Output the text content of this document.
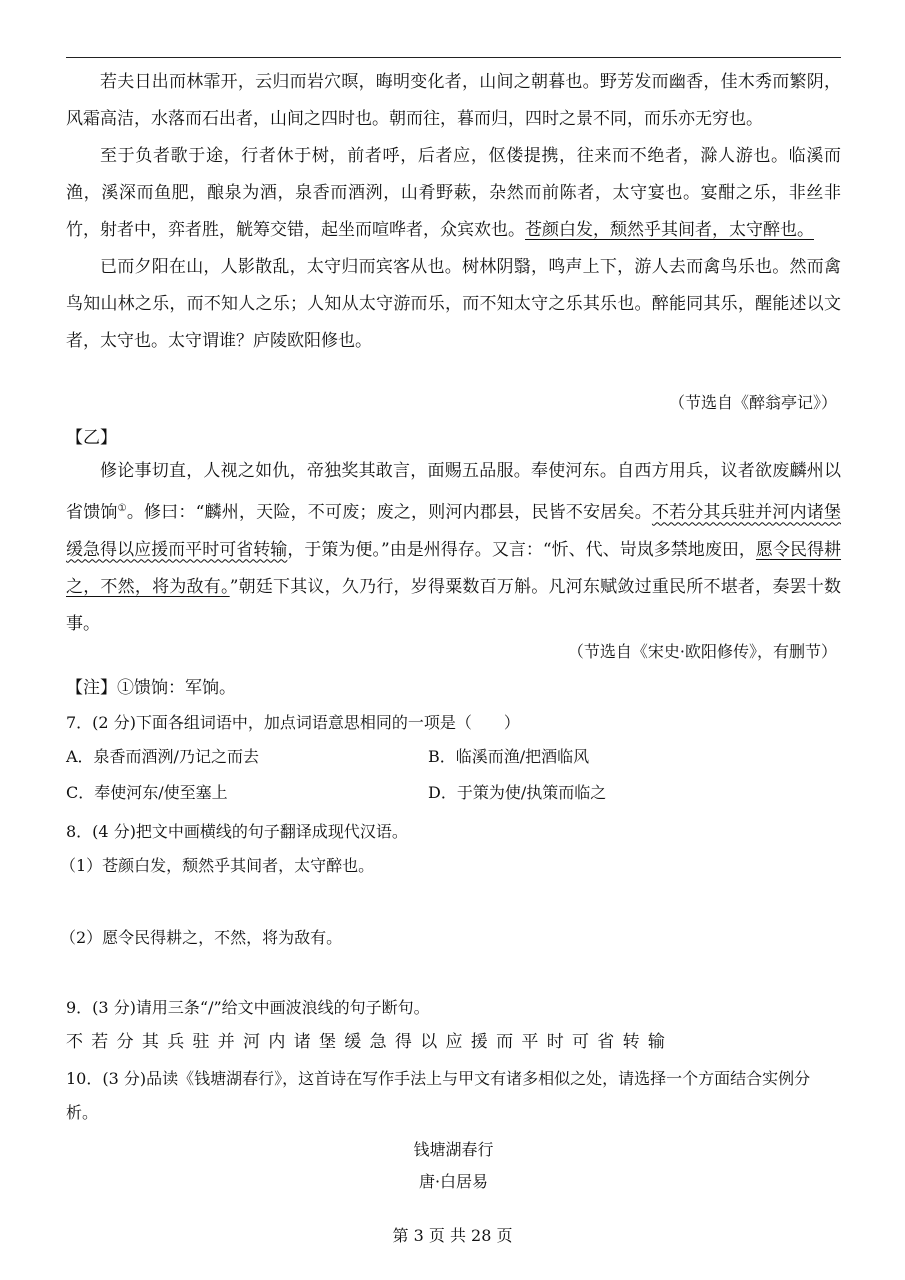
若夫日出而林霏开，云归而岩穴暝，晦明变化者，山间之朝暮也。野芳发而幽香，佳木秀而繁阴，风霜高洁，水落而石出者，山间之四时也。朝而往，暮而归，四时之景不同，而乐亦无穷也。

至于负者歌于途，行者休于树，前者呼，后者应，伛偻提携，往来而不绝者，滁人游也。临溪而渔，溪深而鱼肥，酿泉为酒，泉香而酒洌，山肴野蔌，杂然而前陈者，太守宴也。宴酣之乐，非丝非竹，射者中，弈者胜，觥筹交错，起坐而喧哗者，众宾欢也。苍颜白发，颓然乎其间者，太守醉也。

已而夕阳在山，人影散乱，太守归而宾客从也。树林阴翳，鸣声上下，游人去而禽鸟乐也。然而禽鸟知山林之乐，而不知人之乐；人知从太守游而乐，而不知太守之乐其乐也。醉能同其乐，醒能述以文者，太守也。太守谓谁？庐陵欧阳修也。

（节选自《醉翁亭记》）

【乙】

修论事切直，人视之如仇，帝独奖其敢言，面赐五品服。奉使河东。自西方用兵，议者欲废麟州以省馈饷①。修曰：“麟州，天险，不可废；废之，则河内郡县，民皆不安居矣。不若分其兵驻并河内诸堡缓急得以应援而平时可省转输，于策为便。”由是州得存。又言：“忻、代、岢岚多禁地废田，愿令民得耕之，不然，将为敌有。”朝廷下其议，久乃行，岁得粟数百万斛。凡河东赋敛过重民所不堪者，奏罢十数事。

（节选自《宋史·欧阳修传》，有删节）

【注】①馈饷：军饷。

7．(2 分)下面各组词语中，加点词语意思相同的一项是（　　）

A．泉香而酒洌/乃记之而去	B．临溪而渔/把酒临风
C．奉使河东/使至塞上	D．于策为使/执策而临之

8．(4 分)把文中画横线的句子翻译成现代汉语。

（1）苍颜白发，颓然乎其间者，太守醉也。

（2）愿令民得耕之，不然，将为敌有。

9．(3 分)请用三条“/”给文中画波浪线的句子断句。

不若分其兵驻并河内诸堡缓急得以应援而平时可省转输

10．(3 分)品读《钱塘湖春行》，这首诗在写作手法上与甲文有诸多相似之处，请选择一个方面结合实例分析。

钱塘湖春行

唐·白居易

第 3 页 共 28 页
